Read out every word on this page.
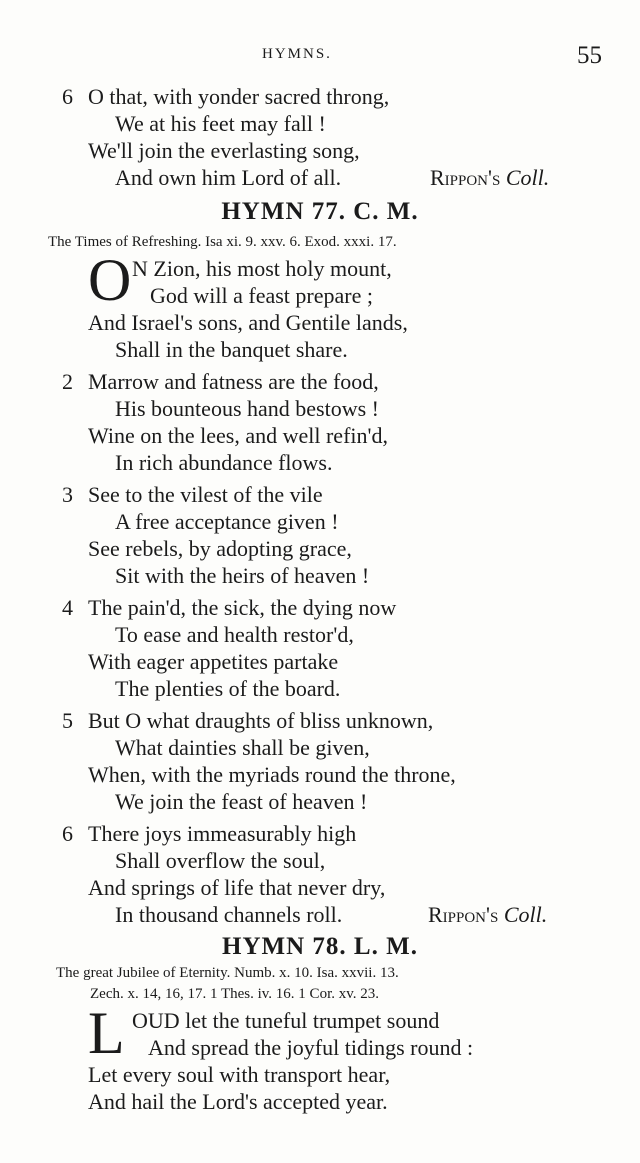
HYMNS.	55
6 O that, with yonder sacred throng,
We at his feet may fall !
We'll join the everlasting song,
And own him Lord of all.	Rippon's Coll.
HYMN 77. C. M.
The Times of Refreshing. Isa xi. 9. xxv. 6. Exod. xxxi. 17.
O N Zion, his most holy mount,
God will a feast prepare ;
And Israel's sons, and Gentile lands,
Shall in the banquet share.
2 Marrow and fatness are the food,
His bounteous hand bestows !
Wine on the lees, and well refin'd,
In rich abundance flows.
3 See to the vilest of the vile
A free acceptance given !
See rebels, by adopting grace,
Sit with the heirs of heaven !
4 The pain'd, the sick, the dying now
To ease and health restor'd,
With eager appetites partake
The plenties of the board.
5 But O what draughts of bliss unknown,
What dainties shall be given,
When, with the myriads round the throne,
We join the feast of heaven !
6 There joys immeasurably high
Shall overflow the soul,
And springs of life that never dry,
In thousand channels roll.	Rippon's Coll.
HYMN 78. L. M.
The great Jubilee of Eternity. Numb. x. 10. Isa. xxvii. 13.
Zech. x. 14, 16, 17. 1 Thes. iv. 16. 1 Cor. xv. 23.
L OUD let the tuneful trumpet sound
And spread the joyful tidings round :
Let every soul with transport hear,
And hail the Lord's accepted year.
